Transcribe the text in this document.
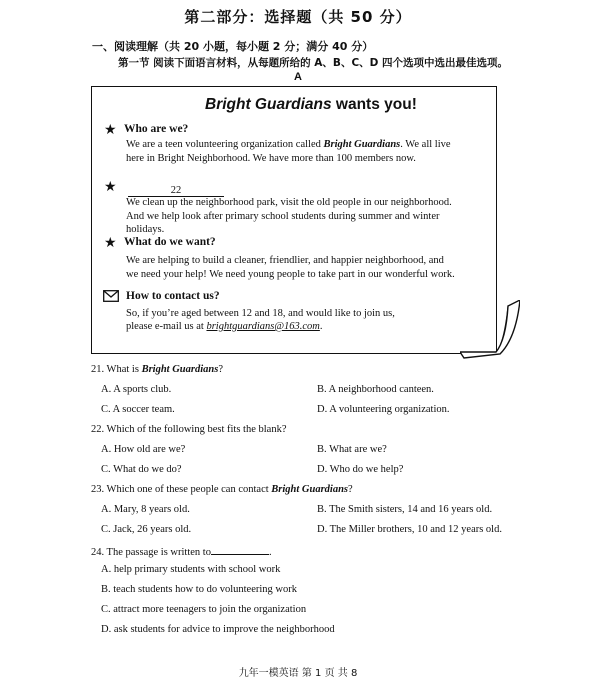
第二部分：选择题（共 50 分）
一、阅读理解（共 20 小题，每小题 2 分；满分 40 分）
第一节 阅读下面语言材料，从每题所给的 A、B、C、D 四个选项中选出最佳选项。
A
Bright Guardians wants you!
★ Who are we?
We are a teen volunteering organization called Bright Guardians. We all live
here in Bright Neighborhood. We have more than 100 members now.
★	22
We clean up the neighborhood park, visit the old people in our neighborhood.
And we help look after primary school students during summer and winter
holidays.
★ What do we want?
We are helping to build a cleaner, friendlier, and happier neighborhood, and
we need your help! We need young people to take part in our wonderful work.
How to contact us?
So, if you’re aged between 12 and 18, and would like to join us,
please e-mail us at brightguardians@163.com.
21. What is Bright Guardians?
A. A sports club.	B. A neighborhood canteen.
C. A soccer team.	D. A volunteering organization.
22. Which of the following best fits the blank?
A. How old are we?	B. What are we?
C. What do we do?	D. Who do we help?
23. Which one of these people can contact Bright Guardians?
A. Mary, 8 years old.	B. The Smith sisters, 14 and 16 years old.
C. Jack, 26 years old.	D. The Miller brothers, 10 and 12 years old.
24. The passage is written to	.
A. help primary students with school work
B. teach students how to do volunteering work
C. attract more teenagers to join the organization
D. ask students for advice to improve the neighborhood
九年一模英语 第 1 页 共 8
